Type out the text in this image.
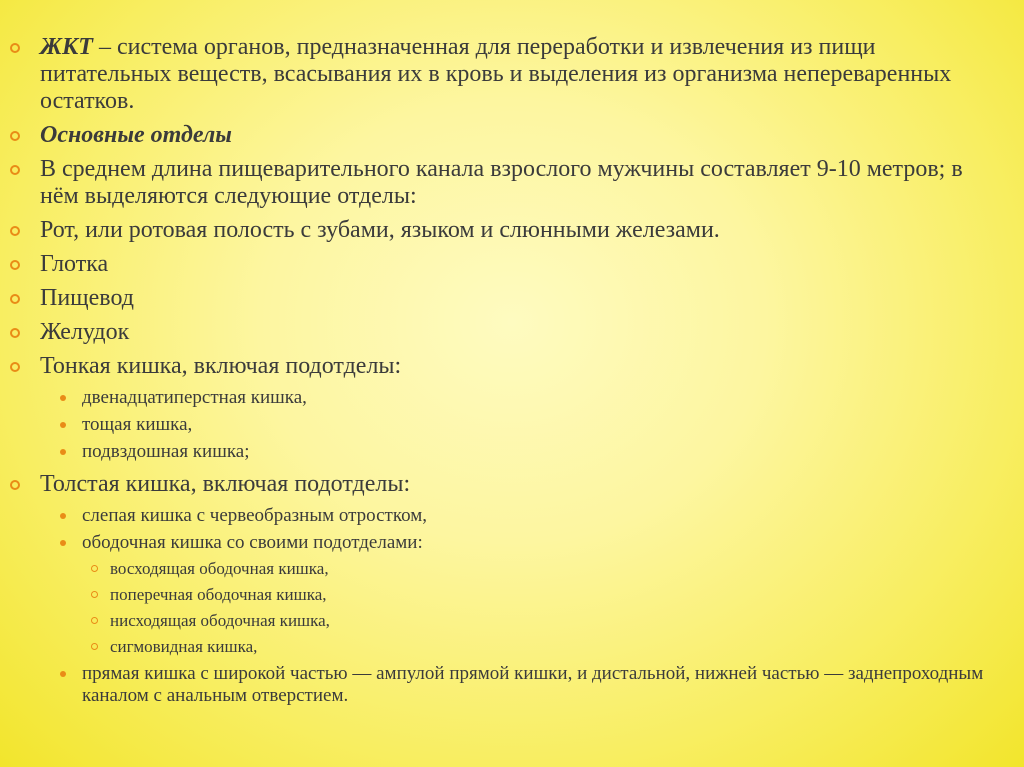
ЖКТ – система органов, предназначенная для переработки и извлечения из пищи питательных веществ, всасывания их в кровь и выделения из организма непереваренных остатков.
Основные отделы
В среднем длина пищеварительного канала взрослого мужчины составляет 9-10 метров; в нём выделяются следующие отделы:
Рот, или ротовая полость с зубами, языком и слюнными железами.
Глотка
Пищевод
Желудок
Тонкая кишка, включая подотделы:
двенадцатиперстная кишка,
тощая кишка,
подвздошная кишка;
Толстая кишка, включая подотделы:
слепая кишка с червеобразным отростком,
ободочная кишка со своими подотделами:
восходящая ободочная кишка,
поперечная ободочная кишка,
нисходящая ободочная кишка,
сигмовидная кишка,
прямая кишка с широкой частью — ампулой прямой кишки, и дистальной, нижней частью — заднепроходным каналом с анальным отверстием.
